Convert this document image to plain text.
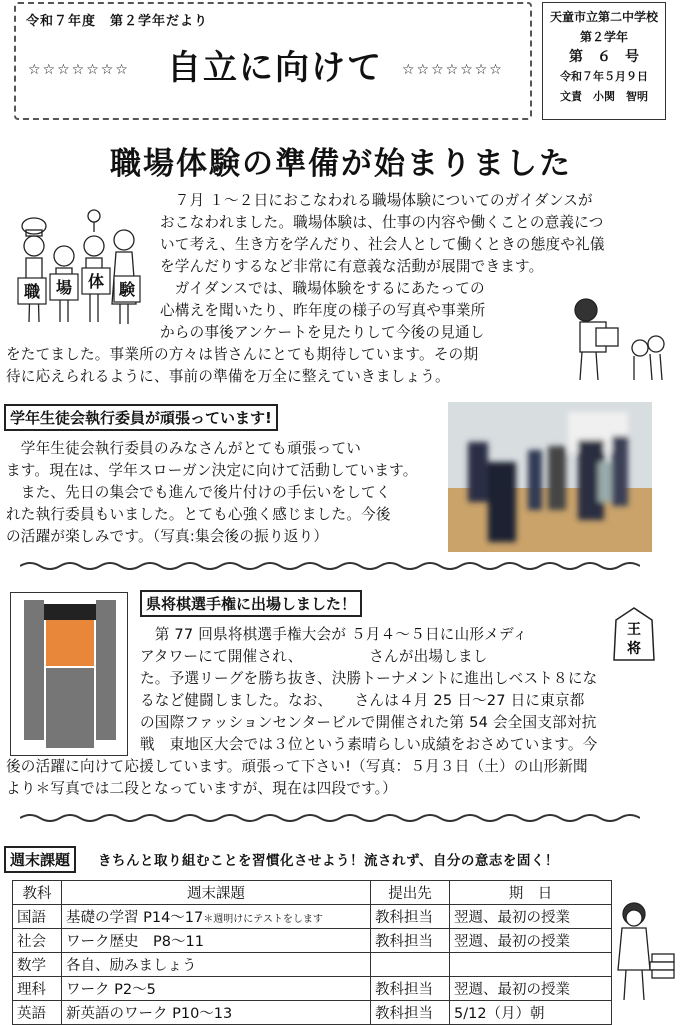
令和７年度　第２学年だより
☆☆☆☆☆☆☆	自立に向けて	☆☆☆☆☆☆☆
天童市立第二中学校
第２学年
第　６　号
令和７年５月９日
文責　小関　智明
職場体験の準備が始まりました
職 場 体 験
　７月 １～２日におこなわれる職場体験についてのガイダンスが
おこなわれました。職場体験は、仕事の内容や働くことの意義につ
いて考え、生き方を学んだり、社会人として働くときの態度や礼儀
を学んだりするなど非常に有意義な活動が展開できます。
　ガイダンスでは、職場体験をするにあたっての
心構えを聞いたり、昨年度の様子の写真や事業所
からの事後アンケートを見たりして今後の見通し
をたてました。事業所の方々は皆さんにとても期待しています。その期
待に応えられるように、事前の準備を万全に整えていきましょう。
学年生徒会執行委員が頑張っています!
　学年生徒会執行委員のみなさんがとても頑張ってい
ます。現在は、学年スローガン決定に向けて活動しています。
　また、先日の集会でも進んで後片付けの手伝いをしてく
れた執行委員もいました。とても心強く感じました。今後
の活躍が楽しみです。（写真:集会後の振り返り）
県将棋選手権に出場しました！
王
将
　第 77 回県将棋選手権大会が ５月４～５日に山形メディ
アタワーにて開催され、　　　　　さんが出場しまし
た。予選リーグを勝ち抜き、決勝トーナメントに進出しベスト８にな
るなど健闘しました。なお、　　さんは４月 25 日～27 日に東京都
の国際ファッションセンタービルで開催された第 54 会全国支部対抗
戦　東地区大会では３位という素晴らしい成績をおさめています。今
後の活躍に向けて応援しています。頑張って下さい!（写真：５月３日（土）の山形新聞
より＊写真では二段となっていますが、現在は四段です。）
週末課題	きちんと取り組むことを習慣化させよう！流されず、自分の意志を固く！
教科	週末課題	提出先	期　日
国語	基礎の学習 P14～17＊週明けにテストをします	教科担当	翌週、最初の授業
社会	ワーク歴史　P8～11	教科担当	翌週、最初の授業
数学	各自、励みましょう		
理科	ワーク P2～5	教科担当	翌週、最初の授業
英語	新英語のワーク P10～13	教科担当	5/12（月）朝
